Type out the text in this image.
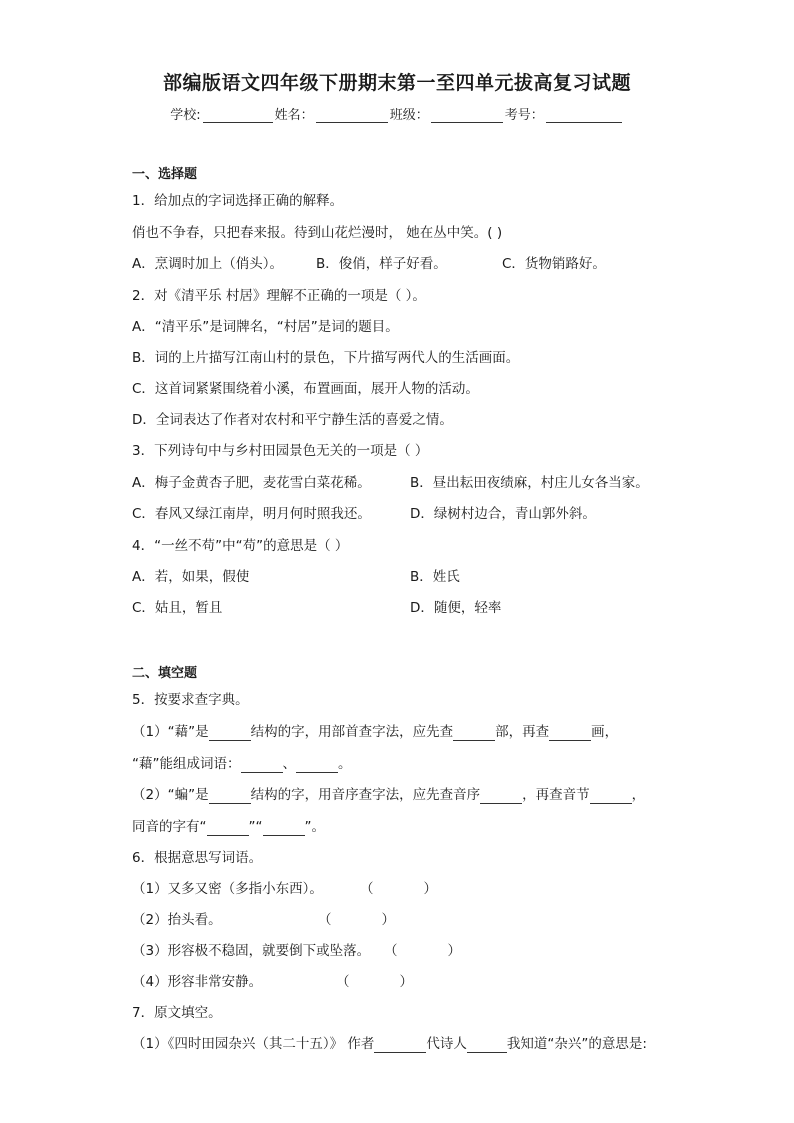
部编版语文四年级下册期末第一至四单元拔高复习试题
学校:	姓名：	班级：	考号：
一、选择题
1．给加点的字词选择正确的解释。
俏也不争春，只把春来报。待到山花烂漫时， 她在丛中笑。( )
A．烹调时加上（俏头）。 B．俊俏，样子好看。	C．货物销路好。
2．对《清平乐 村居》理解不正确的一项是（ ）。
A．“清平乐”是词牌名，“村居”是词的题目。
B．词的上片描写江南山村的景色，下片描写两代人的生活画面。
C．这首词紧紧围绕着小溪，布置画面，展开人物的活动。
D．全词表达了作者对农村和平宁静生活的喜爱之情。
3．下列诗句中与乡村田园景色无关的一项是（ ）
A．梅子金黄杏子肥，麦花雪白菜花稀。	B．昼出耘田夜绩麻，村庄儿女各当家。
C．春风又绿江南岸，明月何时照我还。	D．绿树村边合，青山郭外斜。
4．“一丝不苟”中“苟”的意思是（ ）
A．若，如果，假使	B．姓氏
C．姑且，暂且	D．随便，轻率
二、填空题
5．按要求查字典。
（1）“藉”是	结构的字，用部首查字法，应先查	部，再查	画，
“藉”能组成词语：	、	。
（2）“蝙”是	结构的字，用音序查字法，应先查音序	，再查音节	，
同音的字有“	”“	”。
6．根据意思写词语。
（1）又多又密（多指小东西）。	（	）
（2）抬头看。	（	）
（3）形容极不稳固，就要倒下或坠落。 （	）
（4）形容非常安静。	（	）
7．原文填空。
（1）《四时田园杂兴（其二十五）》 作者	代诗人	我知道“杂兴”的意思是:
